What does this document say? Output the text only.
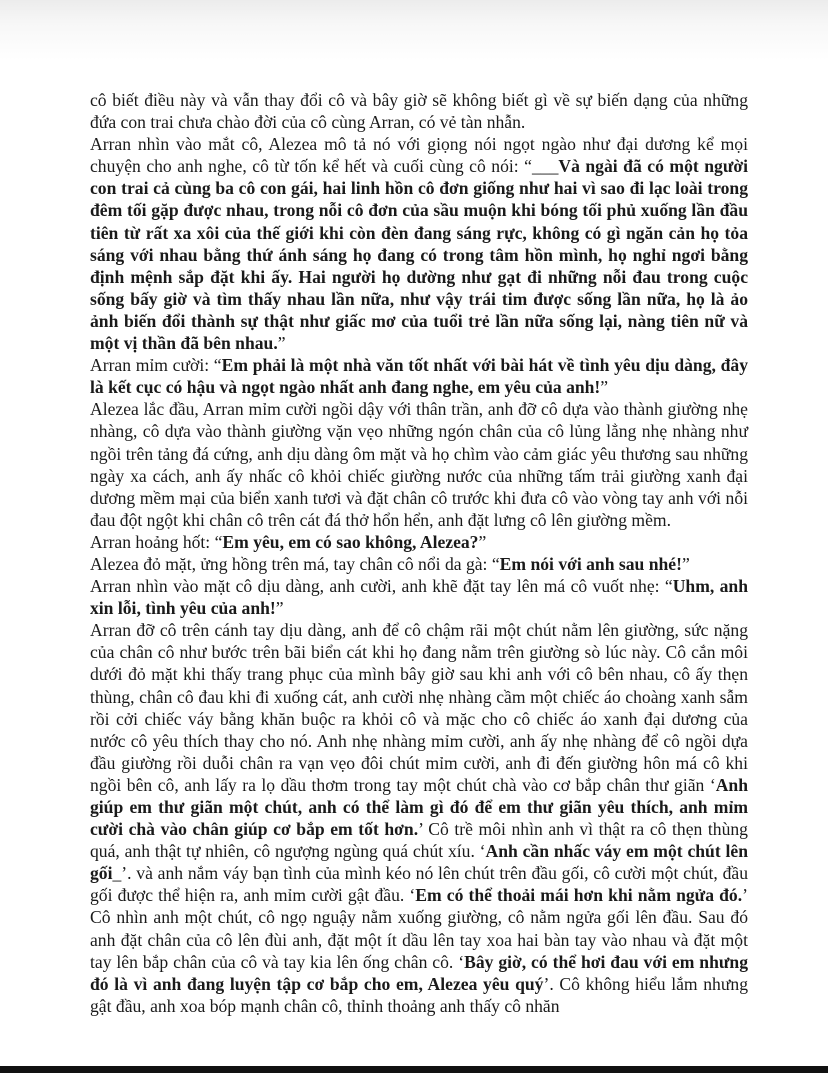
cô biết điều này và vẫn thay đổi cô và bây giờ sẽ không biết gì về sự biến dạng của những đứa con trai chưa chào đời của cô cùng Arran, có vẻ tàn nhẫn.

Arran nhìn vào mắt cô, Alezea mô tả nó với giọng nói ngọt ngào như đại dương kể mọi chuyện cho anh nghe, cô từ tốn kể hết và cuối cùng cô nói: “___Và ngài đã có một người con trai cả cùng ba cô con gái, hai linh hồn cô đơn giống như hai vì sao đi lạc loài trong đêm tối gặp được nhau, trong nỗi cô đơn của sầu muộn khi bóng tối phủ xuống lần đầu tiên từ rất xa xôi của thế giới khi còn đèn đang sáng rực, không có gì ngăn cản họ tỏa sáng với nhau bằng thứ ánh sáng họ đang có trong tâm hồn mình, họ nghỉ ngơi bằng định mệnh sắp đặt khi ấy. Hai người họ dường như gạt đi những nỗi đau trong cuộc sống bấy giờ và tìm thấy nhau lần nữa, như vậy trái tim được sống lần nữa, họ là ảo ảnh biến đổi thành sự thật như giấc mơ của tuổi trẻ lần nữa sống lại, nàng tiên nữ và một vị thần đã bên nhau.”

Arran mỉm cười: “Em phải là một nhà văn tốt nhất với bài hát về tình yêu dịu dàng, đây là kết cục có hậu và ngọt ngào nhất anh đang nghe, em yêu của anh!”

Alezea lắc đầu, Arran mỉm cười ngồi dậy với thân trần, anh đỡ cô dựa vào thành giường nhẹ nhàng, cô dựa vào thành giường vặn vẹo những ngón chân của cô lủng lẳng nhẹ nhàng như ngồi trên tảng đá cứng, anh dịu dàng ôm mặt và họ chìm vào cảm giác yêu thương sau những ngày xa cách, anh ấy nhấc cô khỏi chiếc giường nước của những tấm trải giường xanh đại dương mềm mại của biển xanh tươi và đặt chân cô trước khi đưa cô vào vòng tay anh với nỗi đau đột ngột khi chân cô trên cát đá thở hổn hển, anh đặt lưng cô lên giường mềm.

Arran hoảng hốt: “Em yêu, em có sao không, Alezea?”

Alezea đỏ mặt, ửng hồng trên má, tay chân cô nổi da gà: “Em nói với anh sau nhé!”

Arran nhìn vào mặt cô dịu dàng, anh cười, anh khẽ đặt tay lên má cô vuốt nhẹ: “Uhm, anh xin lỗi, tình yêu của anh!”

Arran đỡ cô trên cánh tay dịu dàng, anh để cô chậm rãi một chút nằm lên giường, sức nặng của chân cô như bước trên bãi biển cát khi họ đang nằm trên giường sò lúc này. Cô cắn môi dưới đỏ mặt khi thấy trang phục của mình bây giờ sau khi anh với cô bên nhau, cô ấy thẹn thùng, chân cô đau khi đi xuống cát, anh cười nhẹ nhàng cầm một chiếc áo choàng xanh sẫm rồi cởi chiếc váy bằng khăn buộc ra khỏi cô và mặc cho cô chiếc áo xanh đại dương của nước cô yêu thích thay cho nó. Anh nhẹ nhàng mỉm cười, anh ấy nhẹ nhàng để cô ngồi dựa đầu giường rồi duỗi chân ra vạn vẹo đôi chút mỉm cười, anh đi đến giường hôn má cô khi ngồi bên cô, anh lấy ra lọ dầu thơm trong tay một chút chà vào cơ bắp chân thư giãn ‘Anh giúp em thư giãn một chút, anh có thể làm gì đó để em thư giãn yêu thích, anh mỉm cười chà vào chân giúp cơ bắp em tốt hơn.’ Cô trề môi nhìn anh vì thật ra cô thẹn thùng quá, anh thật tự nhiên, cô ngượng ngùng quá chút xíu. ‘Anh cần nhấc váy em một chút lên gối_’. và anh nắm váy bạn tình của mình kéo nó lên chút trên đầu gối, cô cười một chút, đầu gối được thể hiện ra, anh mỉm cười gật đầu. ‘Em có thể thoải mái hơn khi nằm ngửa đó.’ Cô nhìn anh một chút, cô ngọ nguậy nằm xuống giường, cô nằm ngửa gối lên đầu. Sau đó anh đặt chân của cô lên đùi anh, đặt một ít dầu lên tay xoa hai bàn tay vào nhau và đặt một tay lên bắp chân của cô và tay kia lên ống chân cô. ‘Bây giờ, có thể hơi đau với em nhưng đó là vì anh đang luyện tập cơ bắp cho em, Alezea yêu quý’. Cô không hiểu lắm nhưng gật đầu, anh xoa bóp mạnh chân cô, thỉnh thoảng anh thấy cô nhăn
